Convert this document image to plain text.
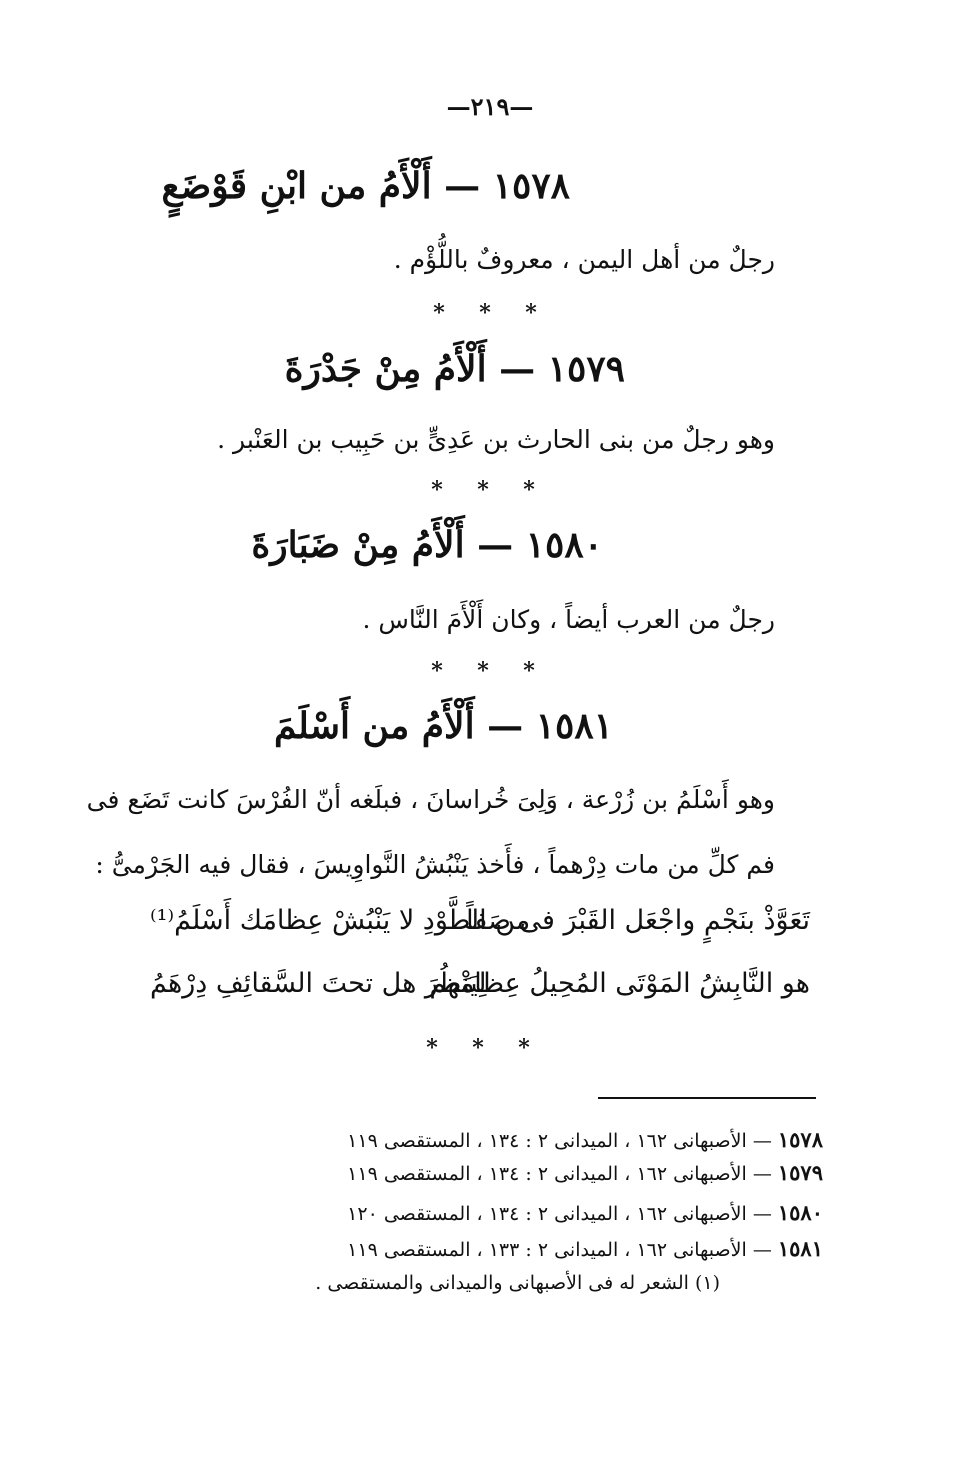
—٢١٩—
١٥٧٨ — أَلْأَمُ من ابْنِ قَوْضَعٍ
رجلٌ من أهل اليمن ، معروفٌ باللُّؤْم .
* * *
١٥٧٩ — أَلْأَمُ مِنْ جَدْرَةَ
وهو رجلٌ من بنى الحارث بن عَدِىٍّ بن حَبِيب بن العَنْبر .
* * *
١٥٨٠ — أَلْأَمُ مِنْ ضَبَارَةَ
رجلٌ من العرب أيضاً ، وكان أَلْأَمَ النَّاس .
* * *
١٥٨١ — أَلْأَمُ من أَسْلَمَ
وهو أَسْلَمُ بن زُرْعة ، وَلِىَ خُراسانَ ، فبلَغه أنّ الفُرْسَ كانت تَضَع فى
فم كلِّ من مات دِرْهماً ، فأَخذ يَنْبُشُ النَّواوِيسَ ، فقال فيه الجَرْمىُّ :
تَعَوَّذْ بنَجْمٍ واجْعَل القَبْرَ فى صَفاً
من الطَّوْدِ لا يَنْبُشْ عِظامَك أَسْلَمُ⁽¹⁾
هو النَّابِشُ المَوْتَى المُحِيلُ عِظامَهم
لِيَنْظُرَ هل تحتَ السَّقائِفِ دِرْهَمُ
* * *
١٥٧٨ — الأصبهانى ١٦٢ ، الميدانى ٢ : ١٣٤ ، المستقصى ١١٩
١٥٧٩ — الأصبهانى ١٦٢ ، الميدانى ٢ : ١٣٤ ، المستقصى ١١٩
١٥٨٠ — الأصبهانى ١٦٢ ، الميدانى ٢ : ١٣٤ ، المستقصى ١٢٠
١٥٨١ — الأصبهانى ١٦٢ ، الميدانى ٢ : ١٣٣ ، المستقصى ١١٩
(١) الشعر له فى الأصبهانى والميدانى والمستقصى .
